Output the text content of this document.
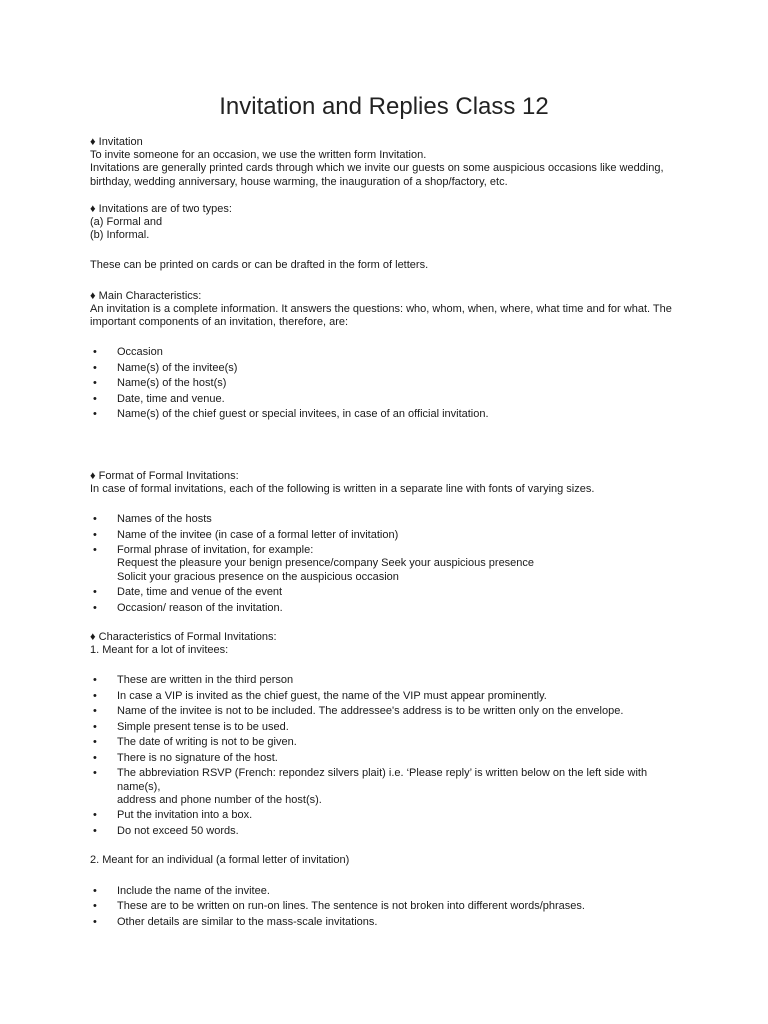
Invitation and Replies Class 12
♦ Invitation
To invite someone for an occasion, we use the written form Invitation.
Invitations are generally printed cards through which we invite our guests on some auspicious occasions like wedding,
birthday, wedding anniversary, house warming, the inauguration of a shop/factory, etc.
♦ Invitations are of two types:
(a) Formal and
(b) Informal.
These can be printed on cards or can be drafted in the form of letters.
♦ Main Characteristics:
An invitation is a complete information. It answers the questions: who, whom, when, where, what time and for what. The
important components of an invitation, therefore, are:
• Occasion
• Name(s) of the invitee(s)
• Name(s) of the host(s)
• Date, time and venue.
• Name(s) of the chief guest or special invitees, in case of an official invitation.
♦ Format of Formal Invitations:
In case of formal invitations, each of the following is written in a separate line with fonts of varying sizes.
• Names of the hosts
• Name of the invitee (in case of a formal letter of invitation)
• Formal phrase of invitation, for example:
Request the pleasure your benign presence/company Seek your auspicious presence
Solicit your gracious presence on the auspicious occasion
• Date, time and venue of the event
• Occasion/ reason of the invitation.
♦ Characteristics of Formal Invitations:
1. Meant for a lot of invitees:
• These are written in the third person
• In case a VIP is invited as the chief guest, the name of the VIP must appear prominently.
• Name of the invitee is not to be included. The addressee's address is to be written only on the envelope.
• Simple present tense is to be used.
• The date of writing is not to be given.
• There is no signature of the host.
• The abbreviation RSVP (French: repondez silvers plait) i.e. ‘Please reply’ is written below on the left side with name(s),
address and phone number of the host(s).
• Put the invitation into a box.
• Do not exceed 50 words.
2. Meant for an individual (a formal letter of invitation)
• Include the name of the invitee.
• These are to be written on run-on lines. The sentence is not broken into different words/phrases.
• Other details are similar to the mass-scale invitations.
